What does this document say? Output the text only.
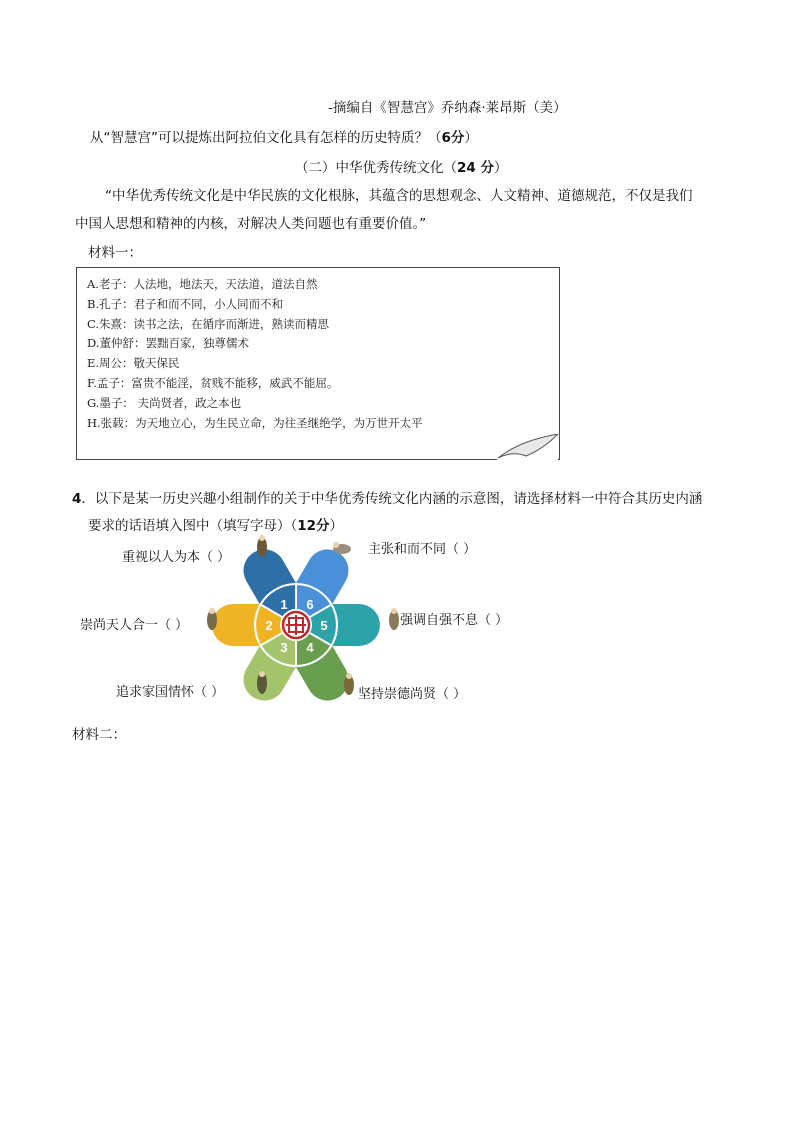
-摘编自《智慧宫》乔纳森·莱昂斯（美）
从“智慧宫”可以提炼出阿拉伯文化具有怎样的历史特质？（6分）
（二）中华优秀传统文化（24 分）
“中华优秀传统文化是中华民族的文化根脉，其蕴含的思想观念、人文精神、道德规范，不仅是我们
中国人思想和精神的内核，对解决人类问题也有重要价值。”
材料一：
A.老子：人法地，地法天，天法道，道法自然
B.孔子：君子和而不同，小人同而不和
C.朱熹：读书之法，在循序而渐进，熟读而精思
D.董仲舒：罢黜百家，独尊儒术
E.周公：敬天保民
F.孟子：富贵不能淫，贫贱不能移，威武不能屈。
G.墨子： 夫尚贤者，政之本也
H.张载：为天地立心，为生民立命，为往圣继绝学，为万世开太平
4．以下是某一历史兴趣小组制作的关于中华优秀传统文化内涵的示意图，请选择材料一中符合其历史内涵
要求的话语填入图中（填写字母）（12分）
1 6
5
4
3
2
重视以人为本（ ）
主张和而不同（ ）
强调自强不息（ ）
坚持崇德尚贤（ ）
追求家国情怀（ ）
崇尚天人合一（ ）
材料二：
